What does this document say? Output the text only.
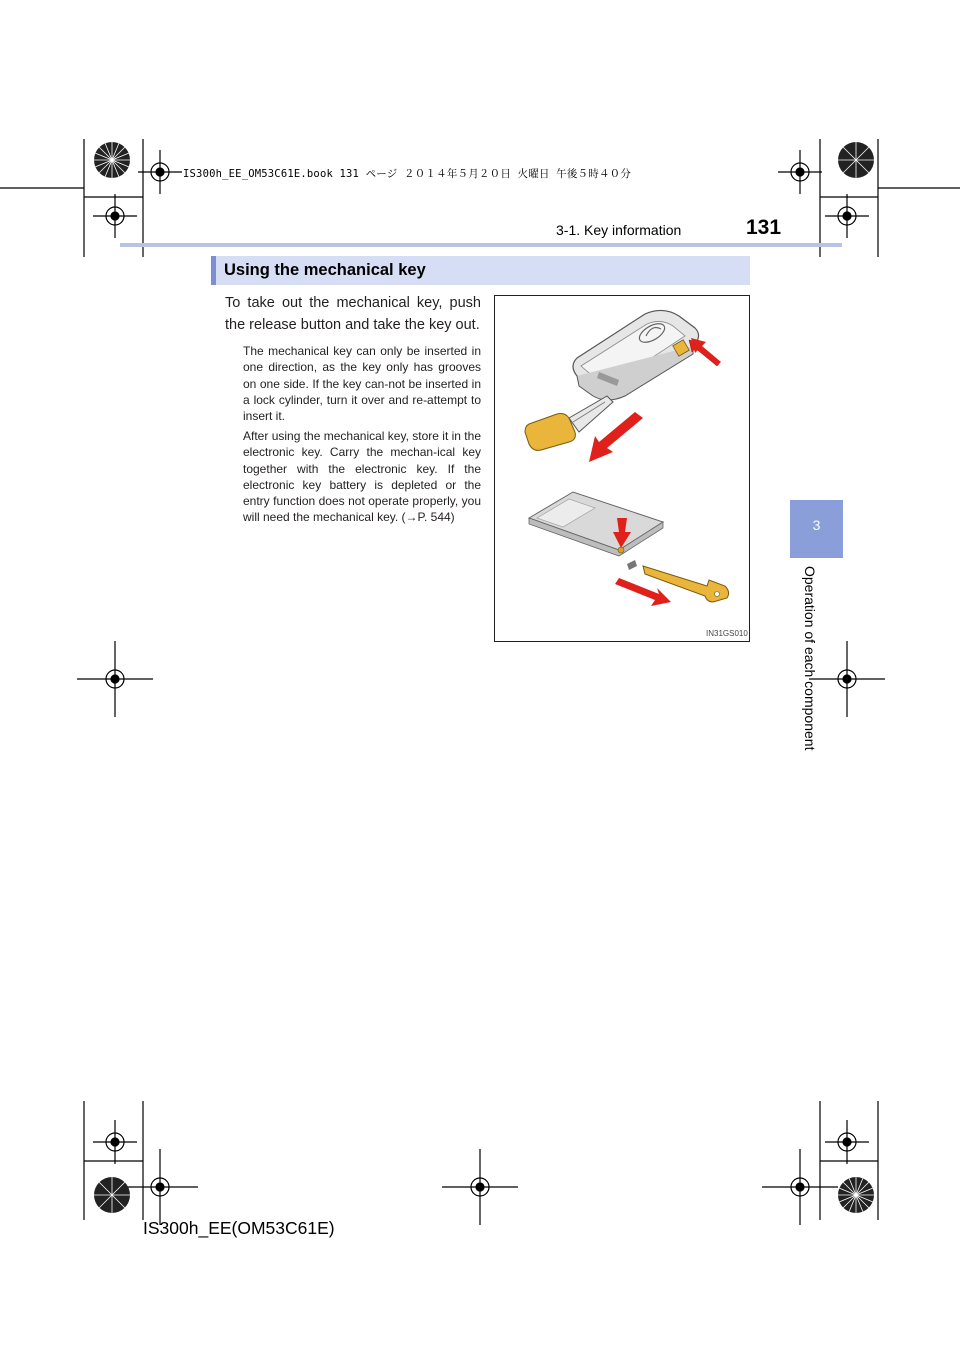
IS300h_EE_OM53C61E.book 131 ページ ２０１４年５月２０日 火曜日 午後５時４０分
3-1. Key information	131
3
Operation of each component
Using the mechanical key
To take out the mechanical key, push the release button and take the key out.
The mechanical key can only be inserted in one direction, as the key only has grooves on one side. If the key can-not be inserted in a lock cylinder, turn it over and re-attempt to insert it.
After using the mechanical key, store it in the electronic key. Carry the mechan-ical key together with the electronic key. If the electronic key battery is depleted or the entry function does not operate properly, you will need the mechanical key. (→P. 544)
IN31GS010
IS300h_EE(OM53C61E)
